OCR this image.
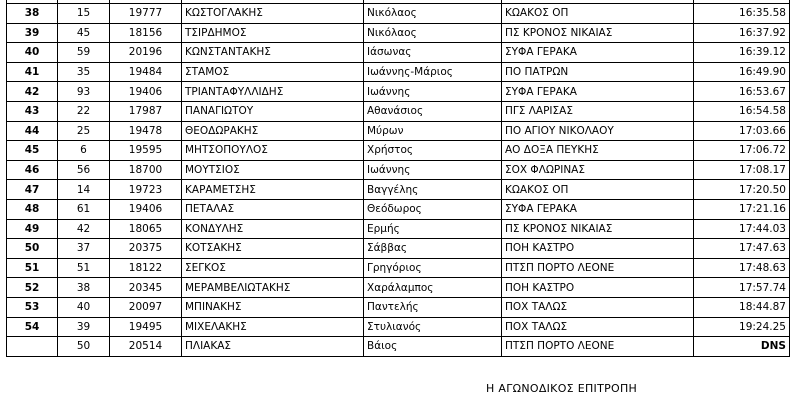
38	15	19777	ΚΩΣΤΟΓΛΑΚΗΣ	Νικόλαος	ΚΩΑΚΟΣ ΟΠ	16:35.58
39	45	18156	ΤΣΙΡΔΗΜΟΣ	Νικόλαος	ΠΣ ΚΡΟΝΟΣ ΝΙΚΑΙΑΣ	16:37.92
40	59	20196	ΚΩΝΣΤΑΝΤΑΚΗΣ	Ιάσωνας	ΣΥΦΑ ΓΕΡΑΚΑ	16:39.12
41	35	19484	ΣΤΑΜΟΣ	Ιωάννης-Μάριος	ΠΟ ΠΑΤΡΩΝ	16:49.90
42	93	19406	ΤΡΙΑΝΤΑΦΥΛΛΙΔΗΣ	Ιωάννης	ΣΥΦΑ ΓΕΡΑΚΑ	16:53.67
43	22	17987	ΠΑΝΑΓΙΩΤΟΥ	Αθανάσιος	ΠΓΣ ΛΑΡΙΣΑΣ	16:54.58
44	25	19478	ΘΕΟΔΩΡΑΚΗΣ	Μύρων	ΠΟ ΑΓΙΟΥ ΝΙΚΟΛΑΟΥ	17:03.66
45	6	19595	ΜΗΤΣΟΠΟΥΛΟΣ	Χρήστος	ΑΟ ΔΟΞΑ ΠΕΥΚΗΣ	17:06.72
46	56	18700	ΜΟΥΤΣΙΟΣ	Ιωάννης	ΣΟΧ ΦΛΩΡΙΝΑΣ	17:08.17
47	14	19723	ΚΑΡΑΜΕΤΣΗΣ	Βαγγέλης	ΚΩΑΚΟΣ ΟΠ	17:20.50
48	61	19406	ΠΕΤΑΛΑΣ	Θεόδωρος	ΣΥΦΑ ΓΕΡΑΚΑ	17:21.16
49	42	18065	ΚΟΝΔΥΛΗΣ	Ερμής	ΠΣ ΚΡΟΝΟΣ ΝΙΚΑΙΑΣ	17:44.03
50	37	20375	ΚΟΤΣΑΚΗΣ	Σάββας	ΠΟΗ ΚΑΣΤΡΟ	17:47.63
51	51	18122	ΣΕΓΚΟΣ	Γρηγόριος	ΠΤΣΠ ΠΟΡΤΟ ΛΕΟΝΕ	17:48.63
52	38	20345	ΜΕΡΑΜΒΕΛΙΩΤΑΚΗΣ	Χαράλαμπος	ΠΟΗ ΚΑΣΤΡΟ	17:57.74
53	40	20097	ΜΠΙΝΑΚΗΣ	Παντελής	ΠΟΧ ΤΑΛΩΣ	18:44.87
54	39	19495	ΜΙΧΕΛΑΚΗΣ	Στυλιανός	ΠΟΧ ΤΑΛΩΣ	19:24.25
	50	20514	ΠΛΙΑΚΑΣ	Βάιος	ΠΤΣΠ ΠΟΡΤΟ ΛΕΟΝΕ	DNS
Η ΑΓΩΝΟΔΙΚΟΣ ΕΠΙΤΡΟΠΗ
